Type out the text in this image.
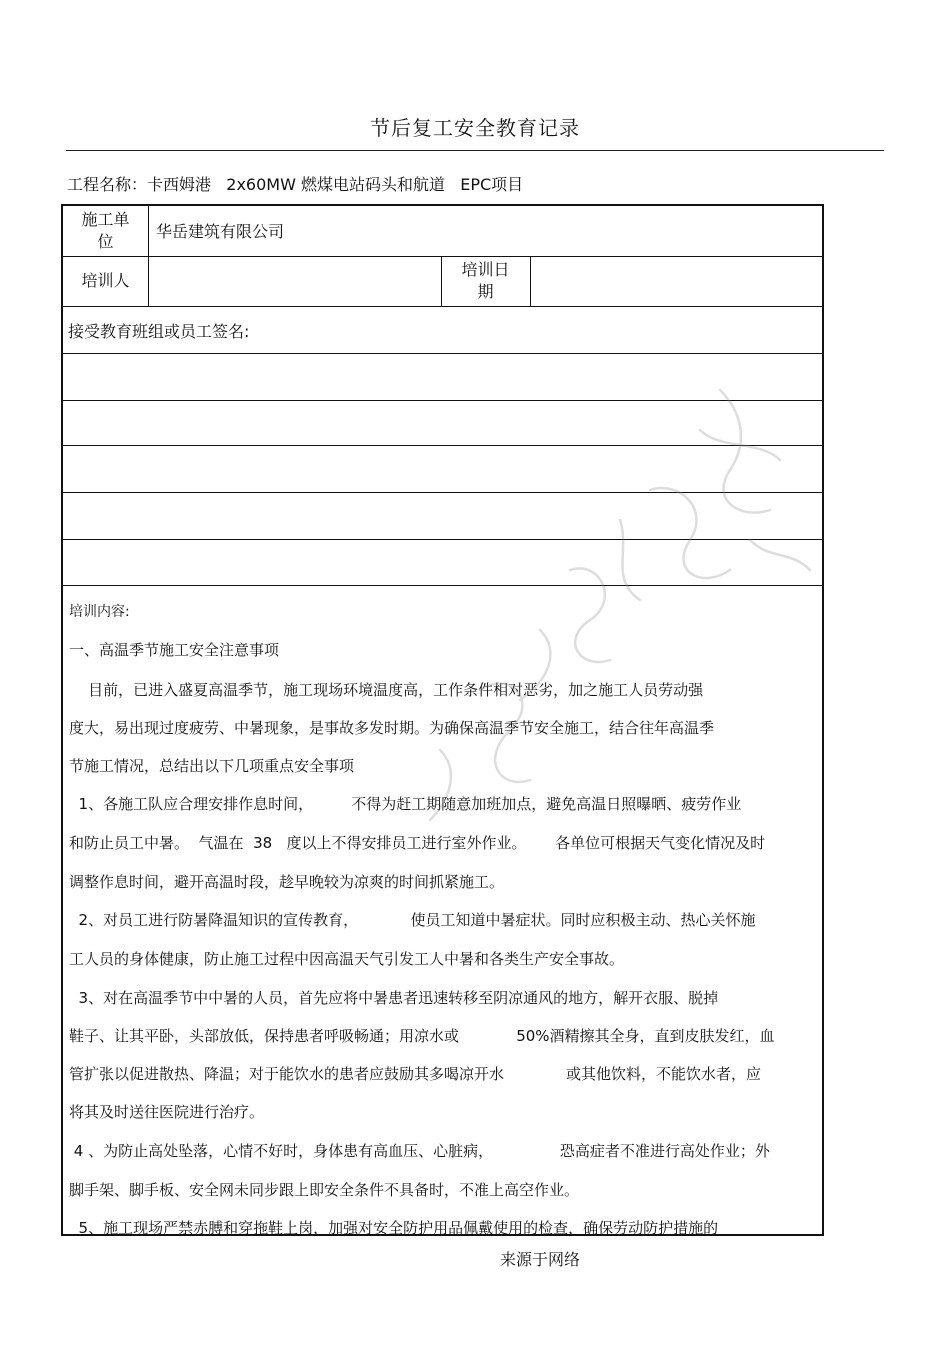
节后复工安全教育记录
工程名称：卡西姆港   2x60MW 燃煤电站码头和航道   EPC项目
施工单
位
华岳建筑有限公司
培训人
培训日
期
接受教育班组或员工签名:

培训内容:

一、高温季节施工安全注意事项

目前，已进入盛夏高温季节，施工现场环境温度高，工作条件相对恶劣，加之施工人员劳动强

度大，易出现过度疲劳、中暑现象，是事故多发时期。为确保高温季节安全施工，结合往年高温季

节施工情况，总结出以下几项重点安全事项

1、各施工队应合理安排作息时间，        不得为赶工期随意加班加点，避免高温日照曝晒、疲劳作业

和防止员工中暑。  气温在  38   度以上不得安排员工进行室外作业。      各单位可根据天气变化情况及时

调整作息时间，避开高温时段，趁早晚较为凉爽的时间抓紧施工。

2、对员工进行防暑降温知识的宣传教育，           使员工知道中暑症状。同时应积极主动、热心关怀施

工人员的身体健康，防止施工过程中因高温天气引发工人中暑和各类生产安全事故。

3、对在高温季节中中暑的人员，首先应将中暑患者迅速转移至阴凉通风的地方，解开衣服、脱掉

鞋子、让其平卧，头部放低，保持患者呼吸畅通；用凉水或            50%酒精擦其全身，直到皮肤发红，血

管扩张以促进散热、降温；对于能饮水的患者应鼓励其多喝凉开水             或其他饮料，不能饮水者，应

将其及时送往医院进行治疗。

4 、为防止高处坠落，心情不好时，身体患有高血压、心脏病，              恐高症者不准进行高处作业；外

脚手架、脚手板、安全网未同步跟上即安全条件不具备时，不准上高空作业。

5、施工现场严禁赤膊和穿拖鞋上岗，加强对安全防护用品佩戴使用的检查，确保劳动防护措施的

来源于网络
